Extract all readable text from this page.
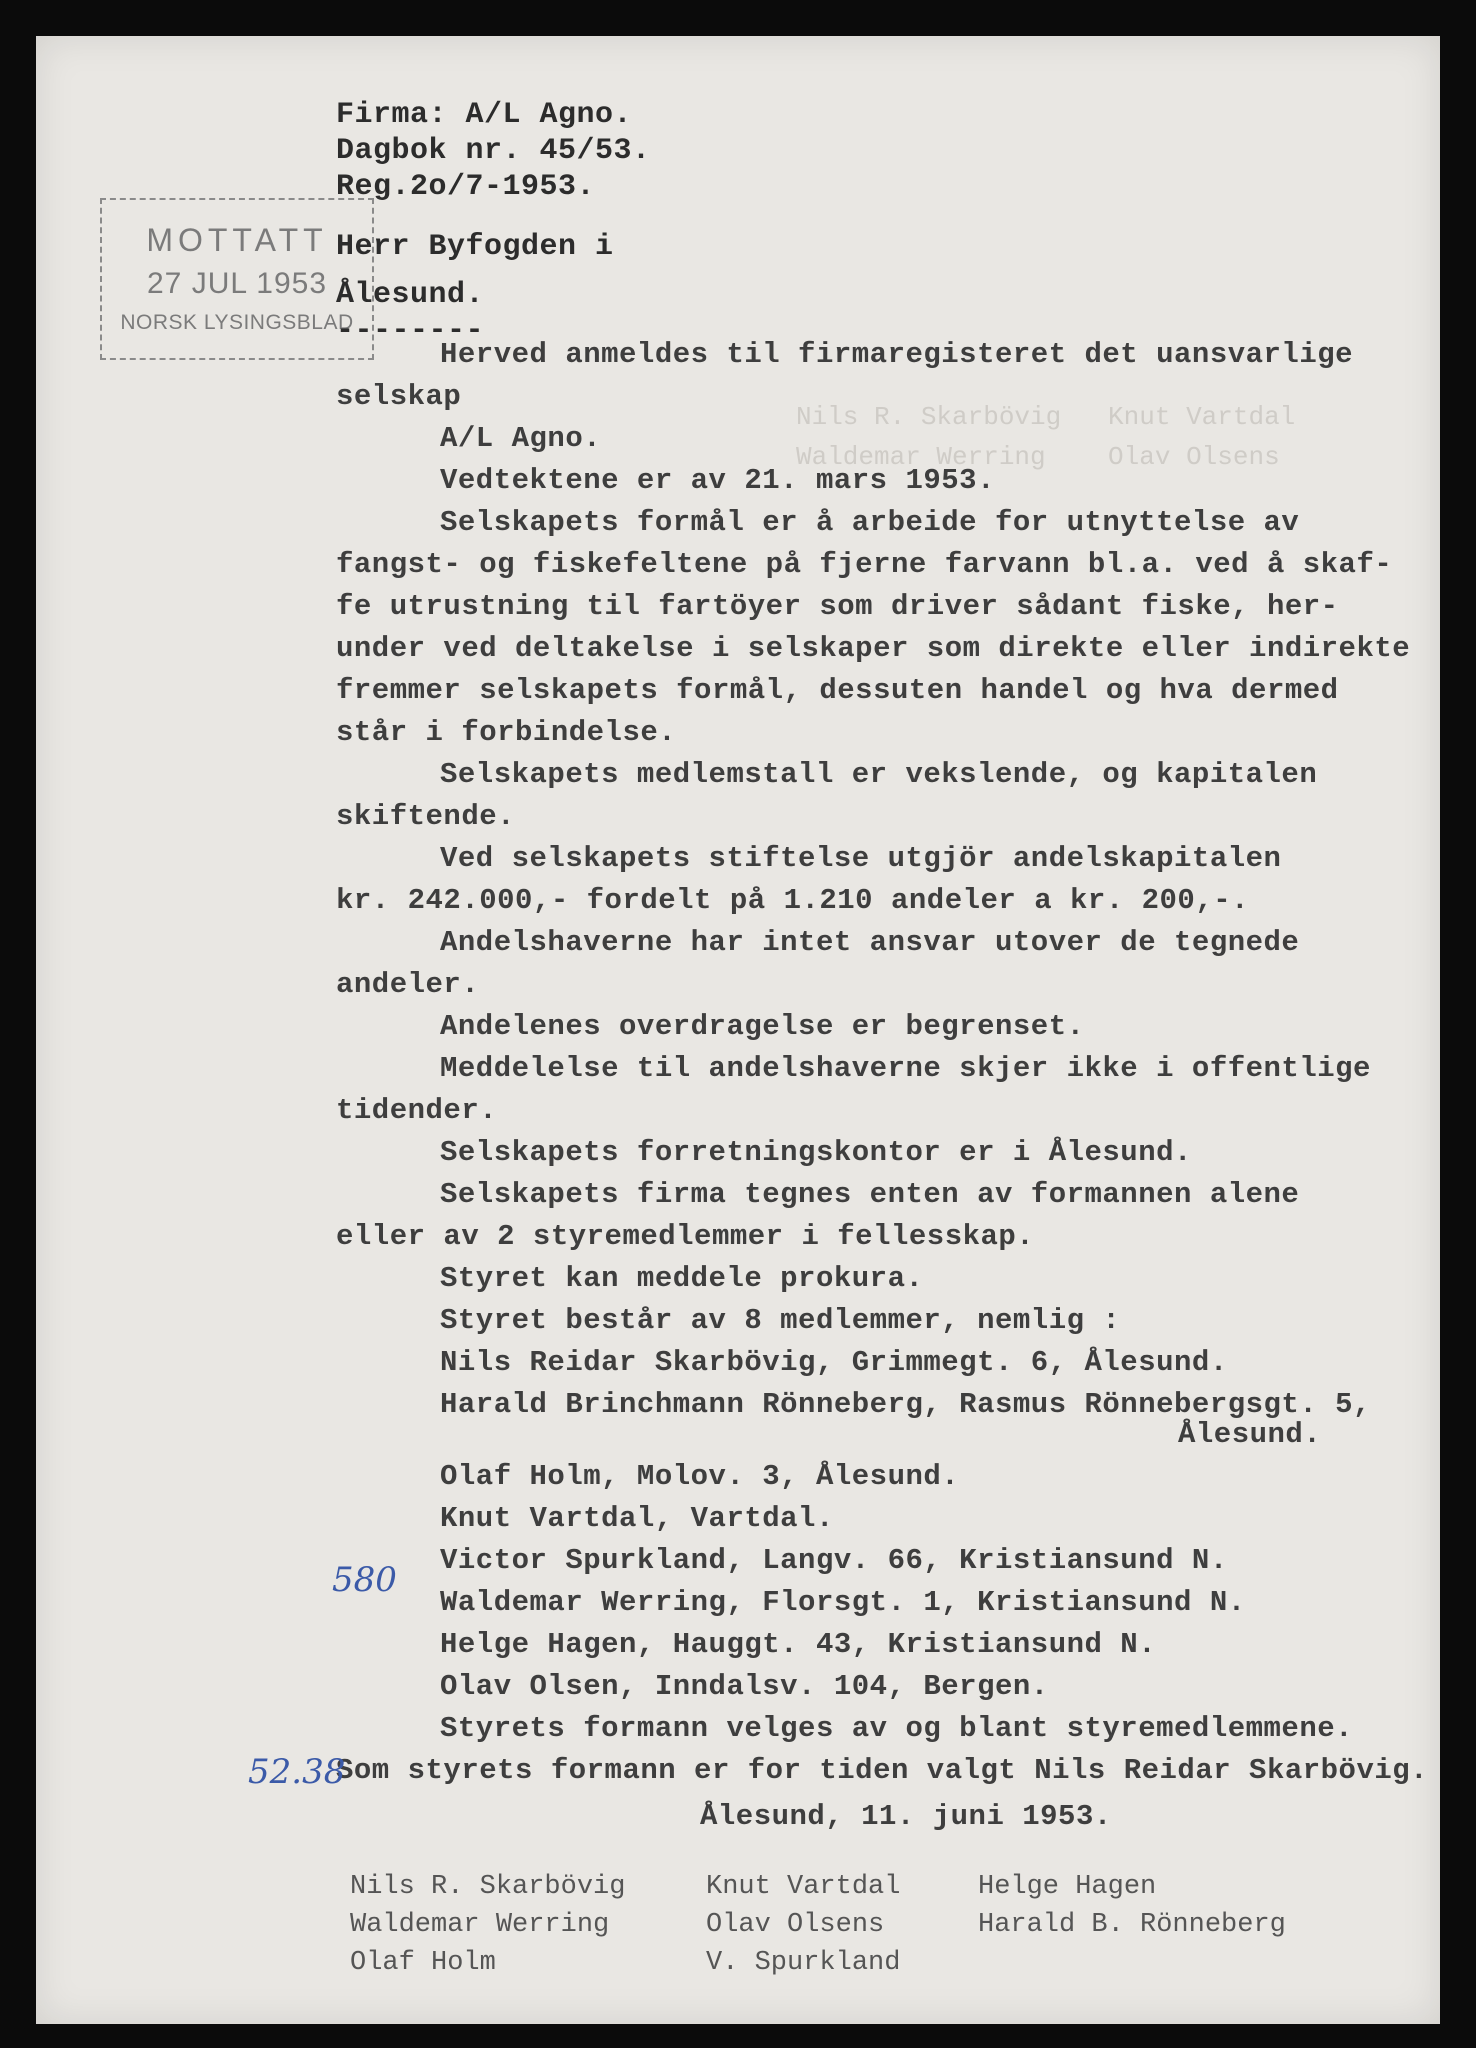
Firma: A/L Agno.
Dagbok nr. 45/53.
Reg.2o/7-1953.
MOTTATT
27 JUL 1953
NORSK LYSINGSBLAD
Herr Byfogden i
Ålesund.
--------
Nils R. Skarbövig   Knut Vartdal
Waldemar Werring    Olav Olsens
Herved anmeldes til firmaregisteret det uansvarlige
selskap
A/L Agno.
Vedtektene er av 21. mars 1953.
Selskapets formål er å arbeide for utnyttelse av
fangst- og fiskefeltene på fjerne farvann bl.a. ved å skaf-
fe utrustning til fartöyer som driver sådant fiske, her-
under ved deltakelse i selskaper som direkte eller indirekte
fremmer selskapets formål, dessuten handel og hva dermed
står i forbindelse.
Selskapets medlemstall er vekslende, og kapitalen
skiftende.
Ved selskapets stiftelse utgjör andelskapitalen
kr. 242.000,- fordelt på 1.210 andeler a kr. 200,-.
Andelshaverne har intet ansvar utover de tegnede
andeler.
Andelenes overdragelse er begrenset.
Meddelelse til andelshaverne skjer ikke i offentlige
tidender.
Selskapets forretningskontor er i Ålesund.
Selskapets firma tegnes enten av formannen alene
eller av 2 styremedlemmer i fellesskap.
Styret kan meddele prokura.
Styret består av 8 medlemmer, nemlig :
Nils Reidar Skarbövig, Grimmegt. 6, Ålesund.
Harald Brinchmann Rönneberg, Rasmus Rönnebergsgt. 5,
Ålesund.
Olaf Holm, Molov. 3, Ålesund.
Knut Vartdal, Vartdal.
Victor Spurkland, Langv. 66, Kristiansund N.
Waldemar Werring, Florsgt. 1, Kristiansund N.
Helge Hagen, Hauggt. 43, Kristiansund N.
Olav Olsen, Inndalsv. 104, Bergen.
Styrets formann velges av og blant styremedlemmene.
Som styrets formann er for tiden valgt Nils Reidar Skarbövig.
Ålesund, 11. juni 1953.
580
52.38
Nils R. Skarbövig	Knut Vartdal	Helge Hagen
Waldemar Werring	Olav Olsens	Harald B. Rönneberg
Olaf Holm	V. Spurkland
